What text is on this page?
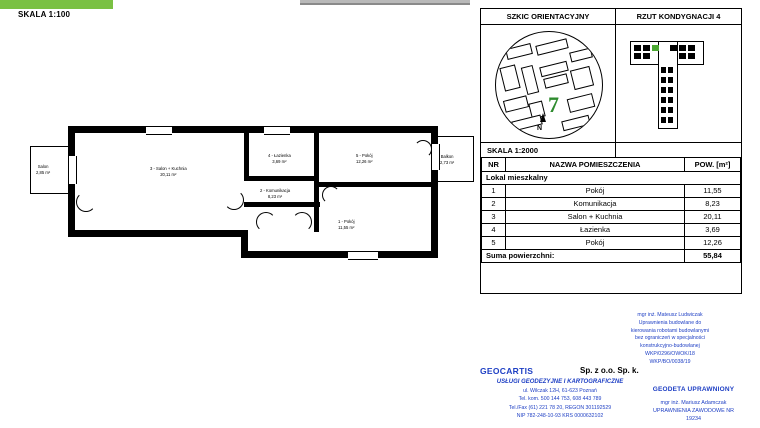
SKALA 1:100
3 - Salon + Kuchnia
20,11 m²
4 - Łazienka
3,69 m²
5 - Pokój
12,26 m²
2 - Komunikacja
8,23 m²
1 - Pokój
11,55 m²
Salon
2,85 m²
Balkon
2,73 m²
SZKIC ORIENTACYJNY	RZUT KONDYGNACJI 4
7
N
SKALA 1:2000
NR	NAZWA POMIESZCZENIA	POW. [m²]
Lokal mieszkalny		
1	Pokój	11,55
2	Komunikacja	8,23
3	Salon + Kuchnia	20,11
4	Łazienka	3,69
5	Pokój	12,26
Suma powierzchni:		55,84
mgr inż. Mateusz Ludwiczak
Uprawnienia budowlane do
kierowania robotami budowlanymi
bez ograniczeń w specjalności
konstrukcyjno-budowlanej
WKP/0296/OWOK/18
WKP/BO/0038/19
GEOCARTIS	Sp. z o.o. Sp. k.
USŁUGI GEODEZYJNE I KARTOGRAFICZNE
ul. Wilczak 12H, 61-623 Poznań
Tel. kom. 500 144 753, 608 443 789
Tel./Fax (61) 221 78 20, REGON 301192529
NIP 782-248-10-93 KRS 0000632102
GEODETA UPRAWNIONY
mgr inż. Mariusz Adamczak
UPRAWNIENIA ZAWODOWE NR 19234
